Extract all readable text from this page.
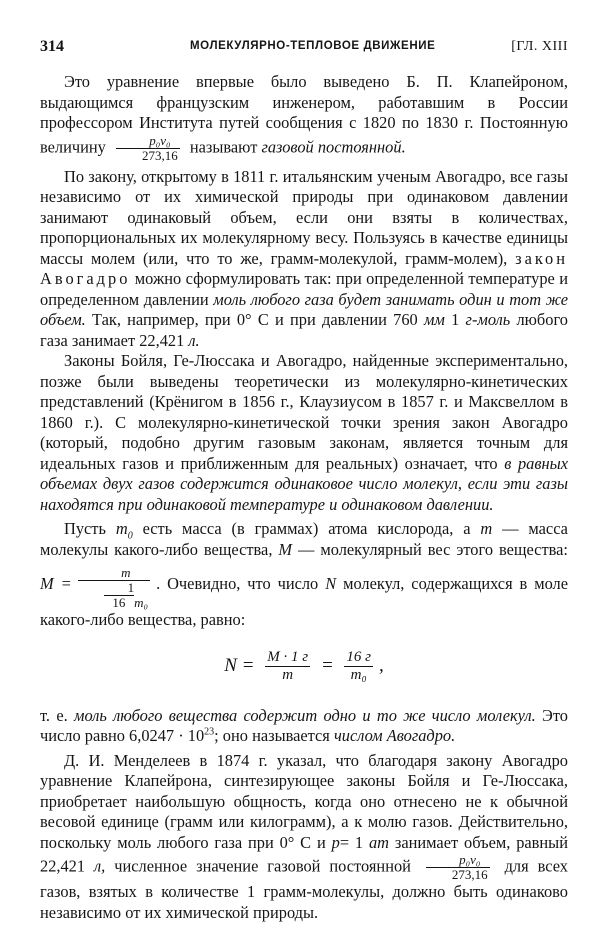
314	МОЛЕКУЛЯРНО-ТЕПЛОВОЕ ДВИЖЕНИЕ	[ГЛ. XIII

Это уравнение впервые было выведено Б. П. Клапейроном, выдающимся французским инженером, работавшим в России профессором Института путей сообщения с 1820 по 1830 г. Постоянную величину $\frac{\text{p₀v₀}}{273,16}$ называют газовой постоянной.

По закону, открытому в 1811 г. итальянским ученым Авогадро, все газы независимо от их химической природы при одинаковом давлении занимают одинаковый объем, если они взяты в количествах, пропорциональных их молекулярному весу. Пользуясь в качестве единицы массы молем (или, что то же, грамм-молекулой, грамм-молем), закон Авогадро можно сформулировать так: при определенной температуре и определенном давлении моль любого газа будет занимать один и тот же объем. Так, например, при 0° С и при давлении 760 мм 1 г-моль любого газа занимает 22,421 л.

Законы Бойля, Ге-Люссака и Авогадро, найденные экспериментально, позже были выведены теоретически из молекулярно-кинетических представлений (Крёнигом в 1856 г., Клаузиусом в 1857 г. и Максвеллом в 1860 г.). С молекулярно-кинетической точки зрения закон Авогадро (который, подобно другим газовым законам, является точным для идеальных газов и приближенным для реальных) означает, что в равных объемах двух газов содержится одинаковое число молекул, если эти газы находятся при одинаковой температуре и одинаковом давлении.

Пусть $m_0$ есть масса (в граммах) атома кислорода, а m — масса молекулы какого-либо вещества, M — молекулярный вес этого вещества: $M = \frac{m}{\frac{1}{16}m_0}$ . Очевидно, что число N молекул, содержащихся в моле какого-либо вещества, равно:

$N = \frac{M \cdot 1 г}{m} = \frac{16 г}{\text{m₀}}$ ,

т. е. моль любого вещества содержит одно и то же число молекул. Это число равно $6,0247 \cdot 10^{23}$; оно называется числом Авогадро.

Д. И. Менделеев в 1874 г. указал, что благодаря закону Авогадро уравнение Клапейрона, синтезирующее законы Бойля и Ге-Люссака, приобретает наибольшую общность, когда оно отнесено не к обычной весовой единице (грамм или килограмм), а к молю газов. Действительно, поскольку моль любого газа при 0° С и p= 1 ат занимает объем, равный 22,421 л, численное значение газовой постоянной $\frac{\text{p₀v₀}}{273,16}$ для всех газов, взятых в количестве 1 грамм-молекулы, должно быть одинаково независимо от их химической природы.
